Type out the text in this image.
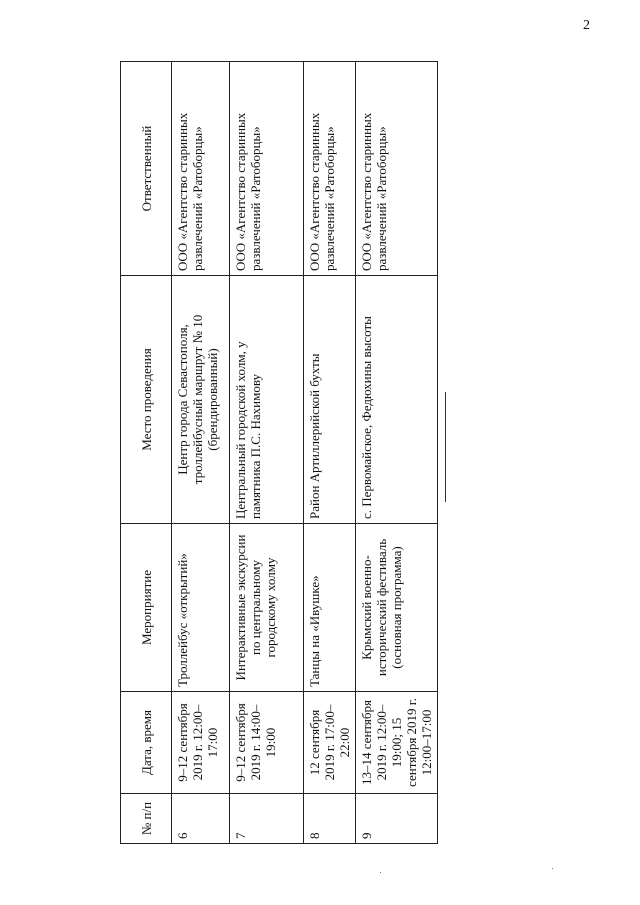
2
№ п/п	Дата, время	Мероприятие	Место проведения	Ответственный
6	9–12 сентября 2019 г. 12:00–17:00	Троллейбус «открытий»	Центр города Севастополя, троллейбусный маршрут № 10 (брендированный)	ООО «Агентство старинных развлечений «Ратоборцы»
7	9–12 сентября 2019 г. 14:00–19:00	Интерактивные экскурсии по центральному городскому холму	Центральный городской холм, у памятника П.С. Нахимову	ООО «Агентство старинных развлечений «Ратоборцы»
8	12 сентября 2019 г. 17:00–22:00	Танцы на «Ивушке»	Район Артиллерийской бухты	ООО «Агентство старинных развлечений «Ратоборцы»
9	13–14 сентября 2019 г. 12:00–19:00; 15 сентября 2019 г. 12:00–17:00	Крымский военно-исторический фестиваль (основная программа)	с. Первомайское, Федюхины высоты	ООО «Агентство старинных развлечений «Ратоборцы»
